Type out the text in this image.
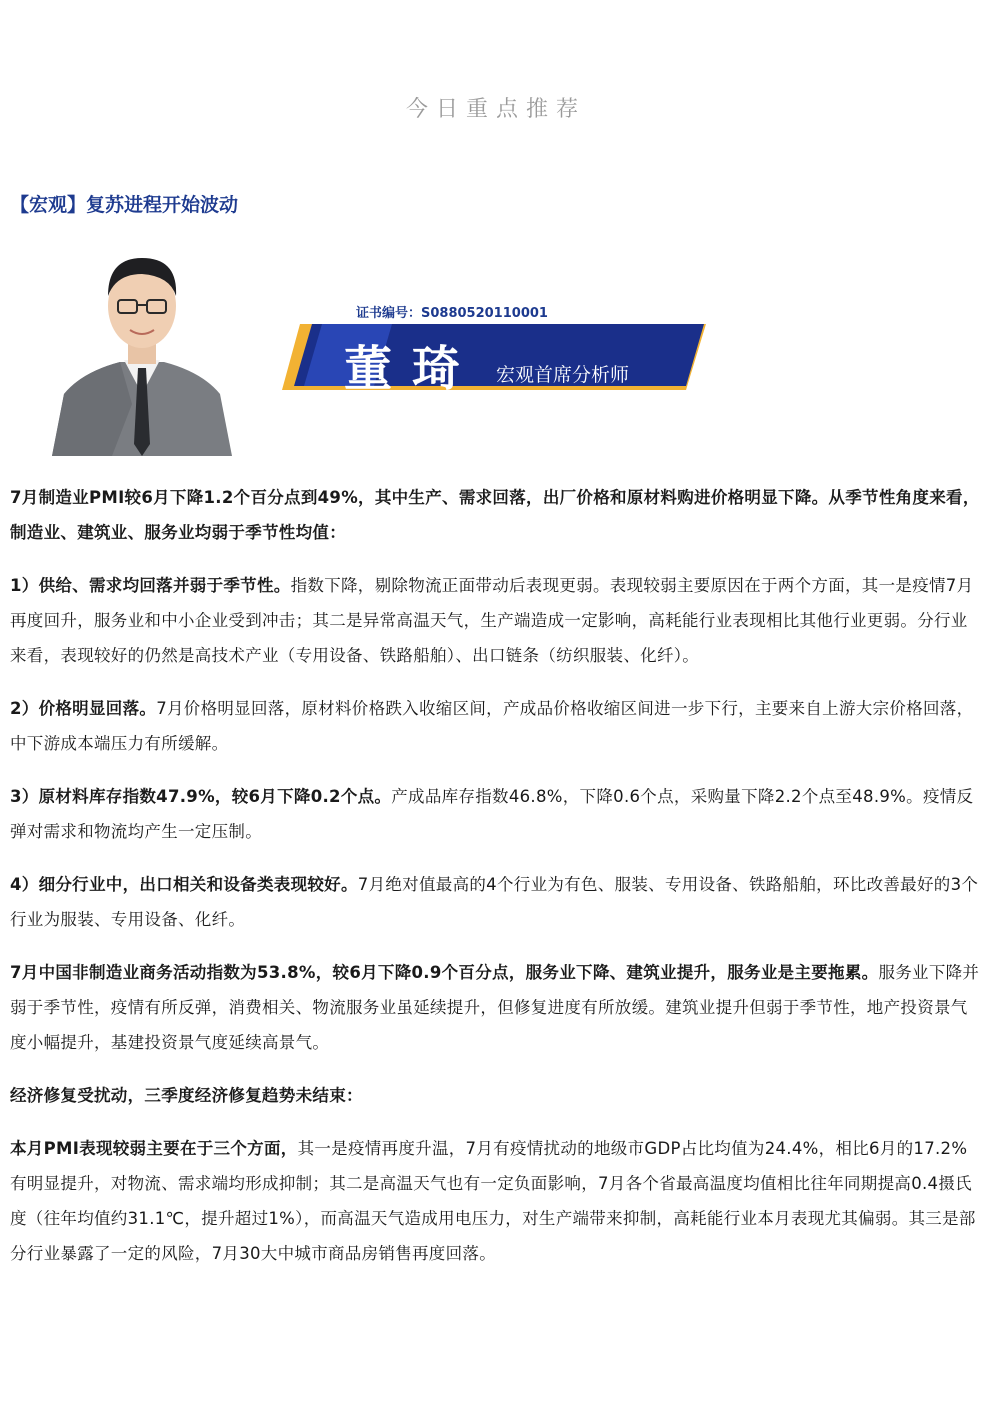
今日重点推荐
【宏观】复苏进程开始波动
证书编号：S0880520110001
董琦 宏观首席分析师

7月制造业PMI较6月下降1.2个百分点到49%，其中生产、需求回落，出厂价格和原材料购进价格明显下降。从季节性角度来看，制造业、建筑业、服务业均弱于季节性均值：

1）供给、需求均回落并弱于季节性。指数下降，剔除物流正面带动后表现更弱。表现较弱主要原因在于两个方面，其一是疫情7月再度回升，服务业和中小企业受到冲击；其二是异常高温天气，生产端造成一定影响，高耗能行业表现相比其他行业更弱。分行业来看，表现较好的仍然是高技术产业（专用设备、铁路船舶）、出口链条（纺织服装、化纤）。

2）价格明显回落。7月价格明显回落，原材料价格跌入收缩区间，产成品价格收缩区间进一步下行，主要来自上游大宗价格回落，中下游成本端压力有所缓解。

3）原材料库存指数47.9%，较6月下降0.2个点。产成品库存指数46.8%，下降0.6个点，采购量下降2.2个点至48.9%。疫情反弹对需求和物流均产生一定压制。

4）细分行业中，出口相关和设备类表现较好。7月绝对值最高的4个行业为有色、服装、专用设备、铁路船舶，环比改善最好的3个行业为服装、专用设备、化纤。

7月中国非制造业商务活动指数为53.8%，较6月下降0.9个百分点，服务业下降、建筑业提升，服务业是主要拖累。服务业下降并弱于季节性，疫情有所反弹，消费相关、物流服务业虽延续提升，但修复进度有所放缓。建筑业提升但弱于季节性，地产投资景气度小幅提升，基建投资景气度延续高景气。

经济修复受扰动，三季度经济修复趋势未结束：

本月PMI表现较弱主要在于三个方面，其一是疫情再度升温，7月有疫情扰动的地级市GDP占比均值为24.4%，相比6月的17.2%有明显提升，对物流、需求端均形成抑制；其二是高温天气也有一定负面影响，7月各个省最高温度均值相比往年同期提高0.4摄氏度（往年均值约31.1℃，提升超过1%），而高温天气造成用电压力，对生产端带来抑制，高耗能行业本月表现尤其偏弱。其三是部分行业暴露了一定的风险，7月30大中城市商品房销售再度回落。
